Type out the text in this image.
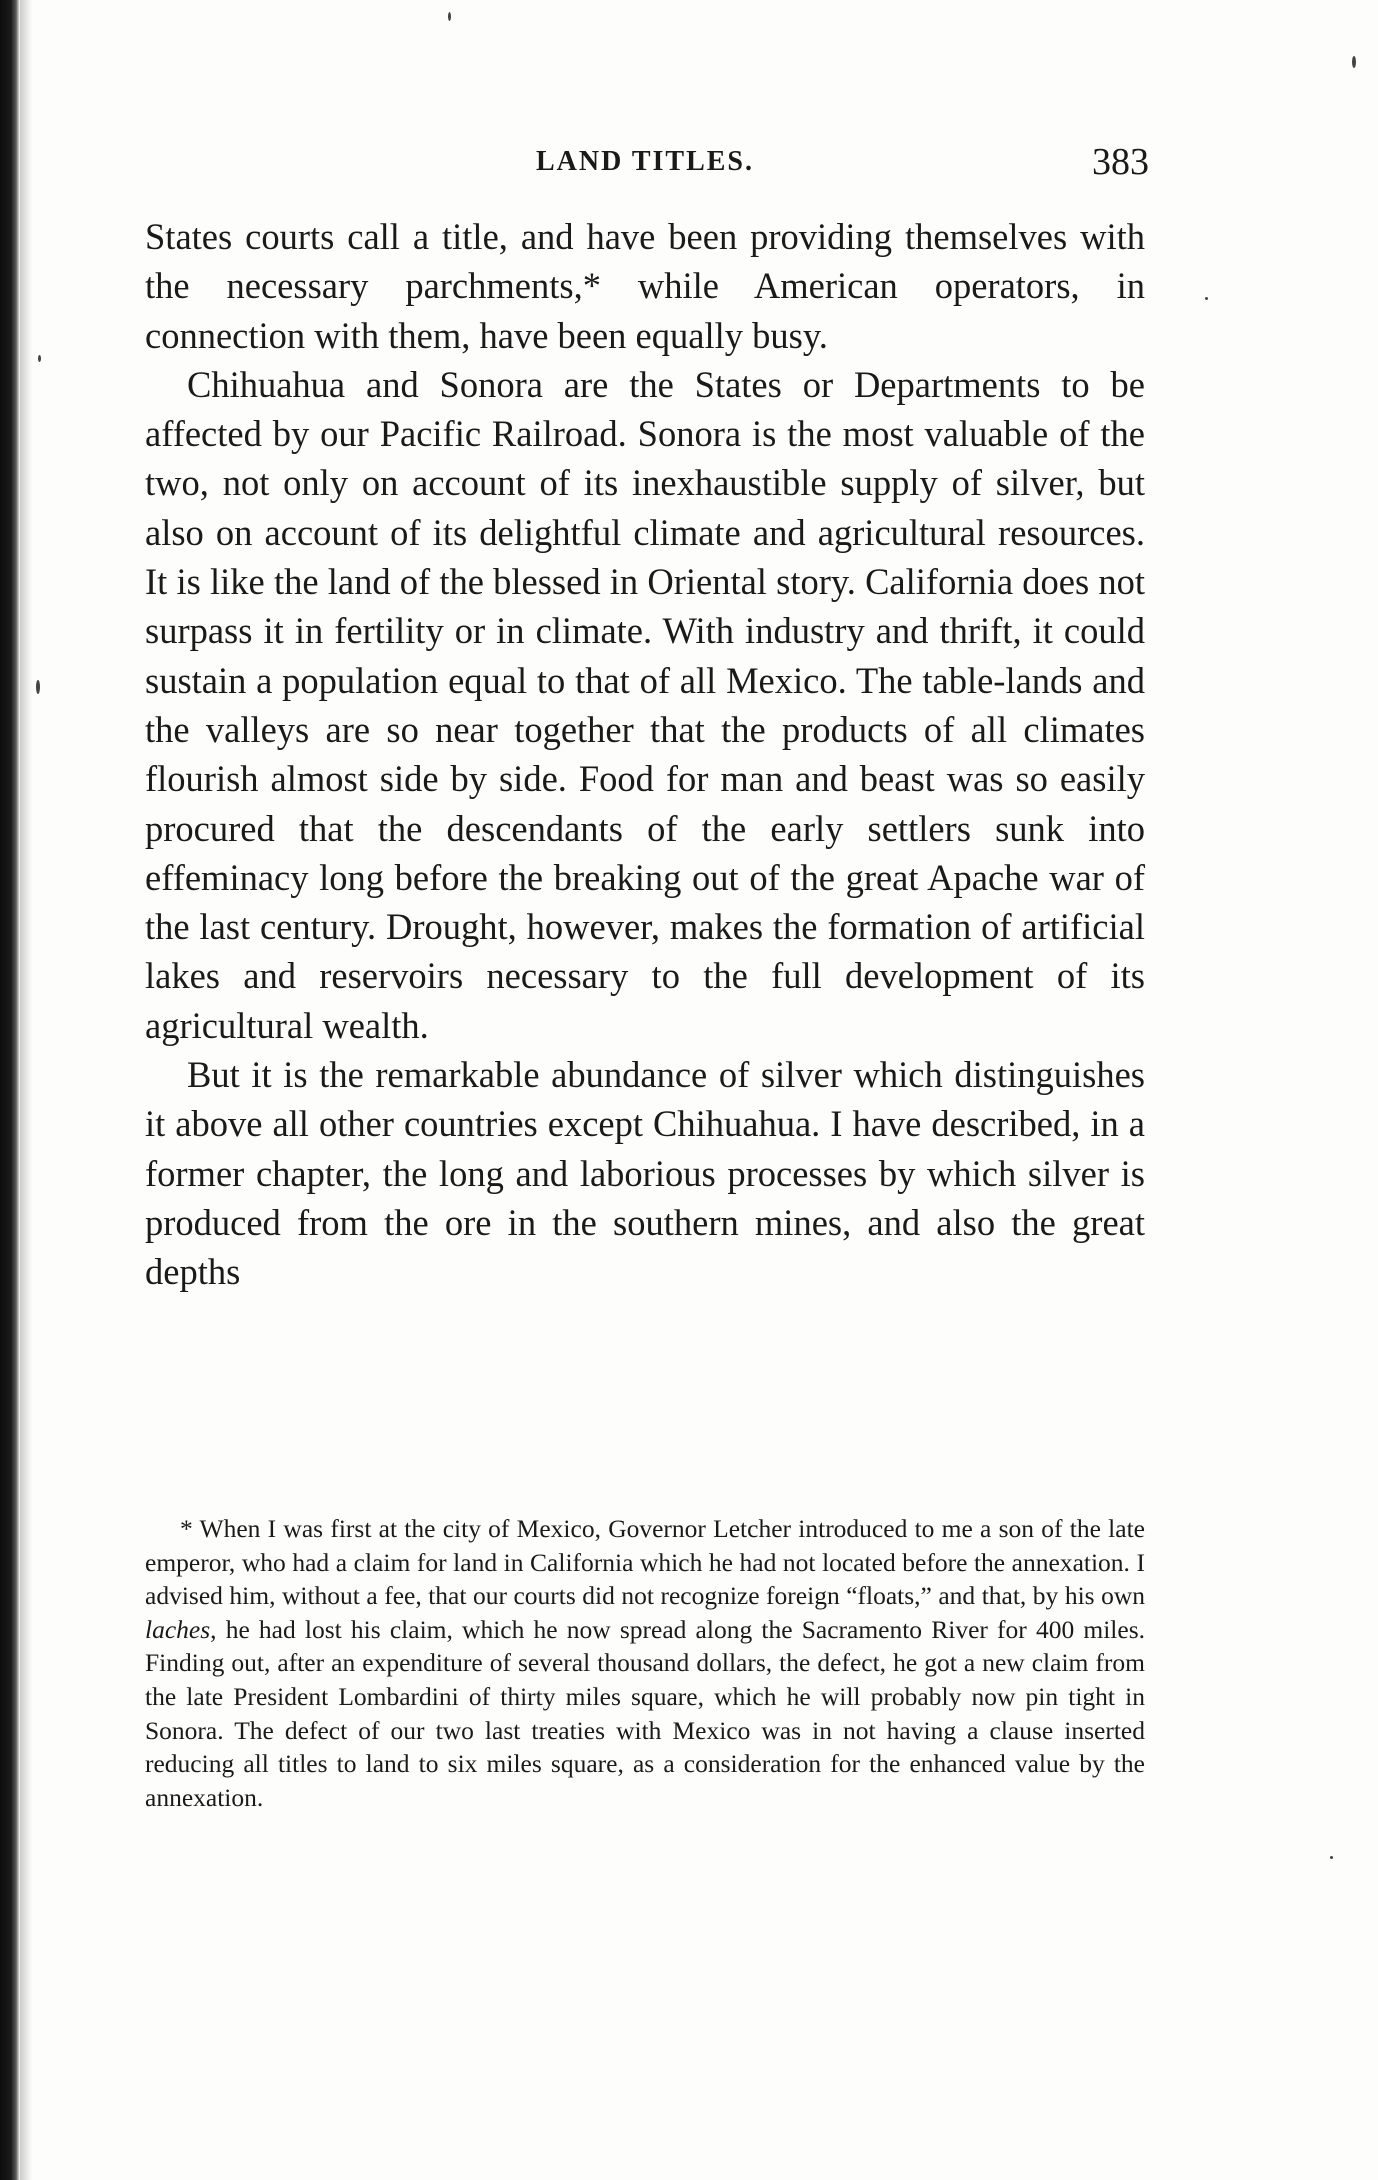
LAND TITLES.	383

States courts call a title, and have been providing themselves with the necessary parchments,* while American operators, in connection with them, have been equally busy.

Chihuahua and Sonora are the States or Departments to be affected by our Pacific Railroad. Sonora is the most valuable of the two, not only on account of its inexhaustible supply of silver, but also on account of its delightful climate and agricultural resources. It is like the land of the blessed in Oriental story. California does not surpass it in fertility or in climate. With industry and thrift, it could sustain a population equal to that of all Mexico. The table-lands and the valleys are so near together that the products of all climates flourish almost side by side. Food for man and beast was so easily procured that the descendants of the early settlers sunk into effeminacy long before the breaking out of the great Apache war of the last century. Drought, however, makes the formation of artificial lakes and reservoirs necessary to the full development of its agricultural wealth.

But it is the remarkable abundance of silver which distinguishes it above all other countries except Chihuahua. I have described, in a former chapter, the long and laborious processes by which silver is produced from the ore in the southern mines, and also the great depths

* When I was first at the city of Mexico, Governor Letcher introduced to me a son of the late emperor, who had a claim for land in California which he had not located before the annexation. I advised him, without a fee, that our courts did not recognize foreign “floats,” and that, by his own laches, he had lost his claim, which he now spread along the Sacramento River for 400 miles. Finding out, after an expenditure of several thousand dollars, the defect, he got a new claim from the late President Lombardini of thirty miles square, which he will probably now pin tight in Sonora. The defect of our two last treaties with Mexico was in not having a clause inserted reducing all titles to land to six miles square, as a consideration for the enhanced value by the annexation.
